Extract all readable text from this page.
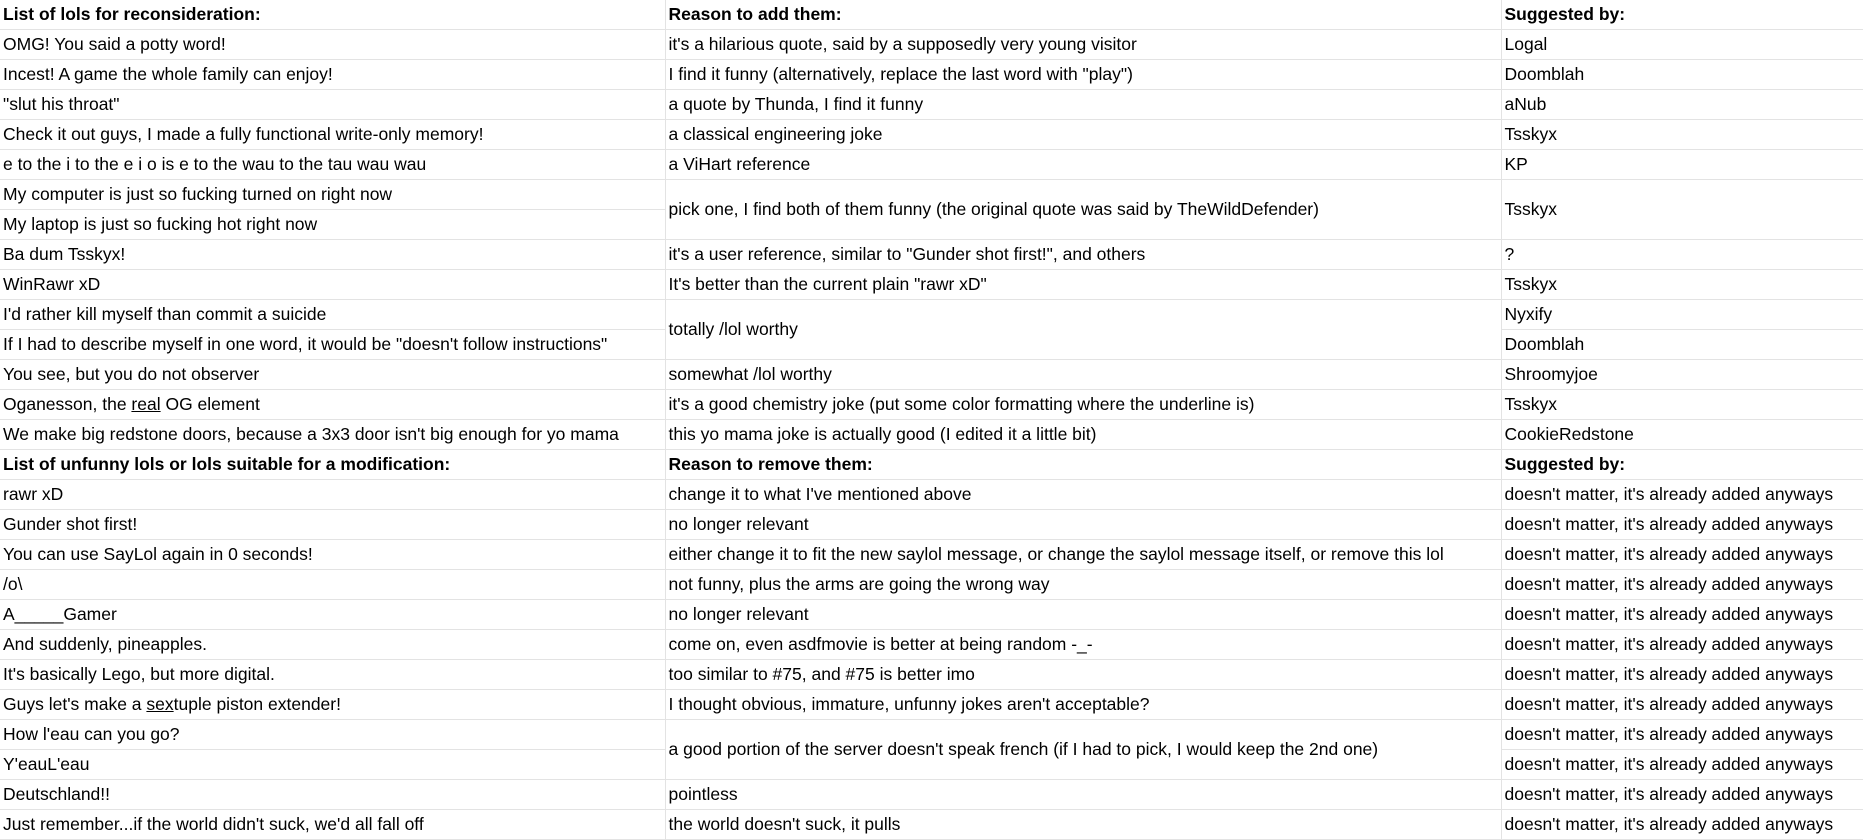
List of lols for reconsideration:	Reason to add them:	Suggested by:
OMG! You said a potty word!	it's a hilarious quote, said by a supposedly very young visitor	Logal
Incest! A game the whole family can enjoy!	I find it funny (alternatively, replace the last word with "play")	Doomblah
"slut his throat"	a quote by Thunda, I find it funny	aNub
Check it out guys, I made a fully functional write-only memory!	a classical engineering joke	Tsskyx
e to the i to the e i o is e to the wau to the tau wau wau	a ViHart reference	KP
My computer is just so fucking turned on right now	pick one, I find both of them funny (the original quote was said by TheWildDefender)	Tsskyx
My laptop is just so fucking hot right now		
Ba dum Tsskyx!	it's a user reference, similar to "Gunder shot first!", and others	?
WinRawr xD	It's better than the current plain "rawr xD"	Tsskyx
I'd rather kill myself than commit a suicide	totally /lol worthy	Nyxify
If I had to describe myself in one word, it would be "doesn't follow instructions"		Doomblah
You see, but you do not observer	somewhat /lol worthy	Shroomyjoe
Oganesson, the real OG element	it's a good chemistry joke (put some color formatting where the underline is)	Tsskyx
We make big redstone doors, because a 3x3 door isn't big enough for yo mama	this yo mama joke is actually good (I edited it a little bit)	CookieRedstone
List of unfunny lols or lols suitable for a modification:	Reason to remove them:	Suggested by:
rawr xD	change it to what I've mentioned above	doesn't matter, it's already added anyways
Gunder shot first!	no longer relevant	doesn't matter, it's already added anyways
You can use SayLol again in 0 seconds!	either change it to fit the new saylol message, or change the saylol message itself, or remove this lol	doesn't matter, it's already added anyways
/o\	not funny, plus the arms are going the wrong way	doesn't matter, it's already added anyways
A_____Gamer	no longer relevant	doesn't matter, it's already added anyways
And suddenly, pineapples.	come on, even asdfmovie is better at being random -_-	doesn't matter, it's already added anyways
It's basically Lego, but more digital.	too similar to #75, and #75 is better imo	doesn't matter, it's already added anyways
Guys let's make a sextuple piston extender!	I thought obvious, immature, unfunny jokes aren't acceptable?	doesn't matter, it's already added anyways
How l'eau can you go?	a good portion of the server doesn't speak french (if I had to pick, I would keep the 2nd one)	doesn't matter, it's already added anyways
Y'eauL'eau		doesn't matter, it's already added anyways
Deutschland!!	pointless	doesn't matter, it's already added anyways
Just remember...if the world didn't suck, we'd all fall off	the world doesn't suck, it pulls	doesn't matter, it's already added anyways
